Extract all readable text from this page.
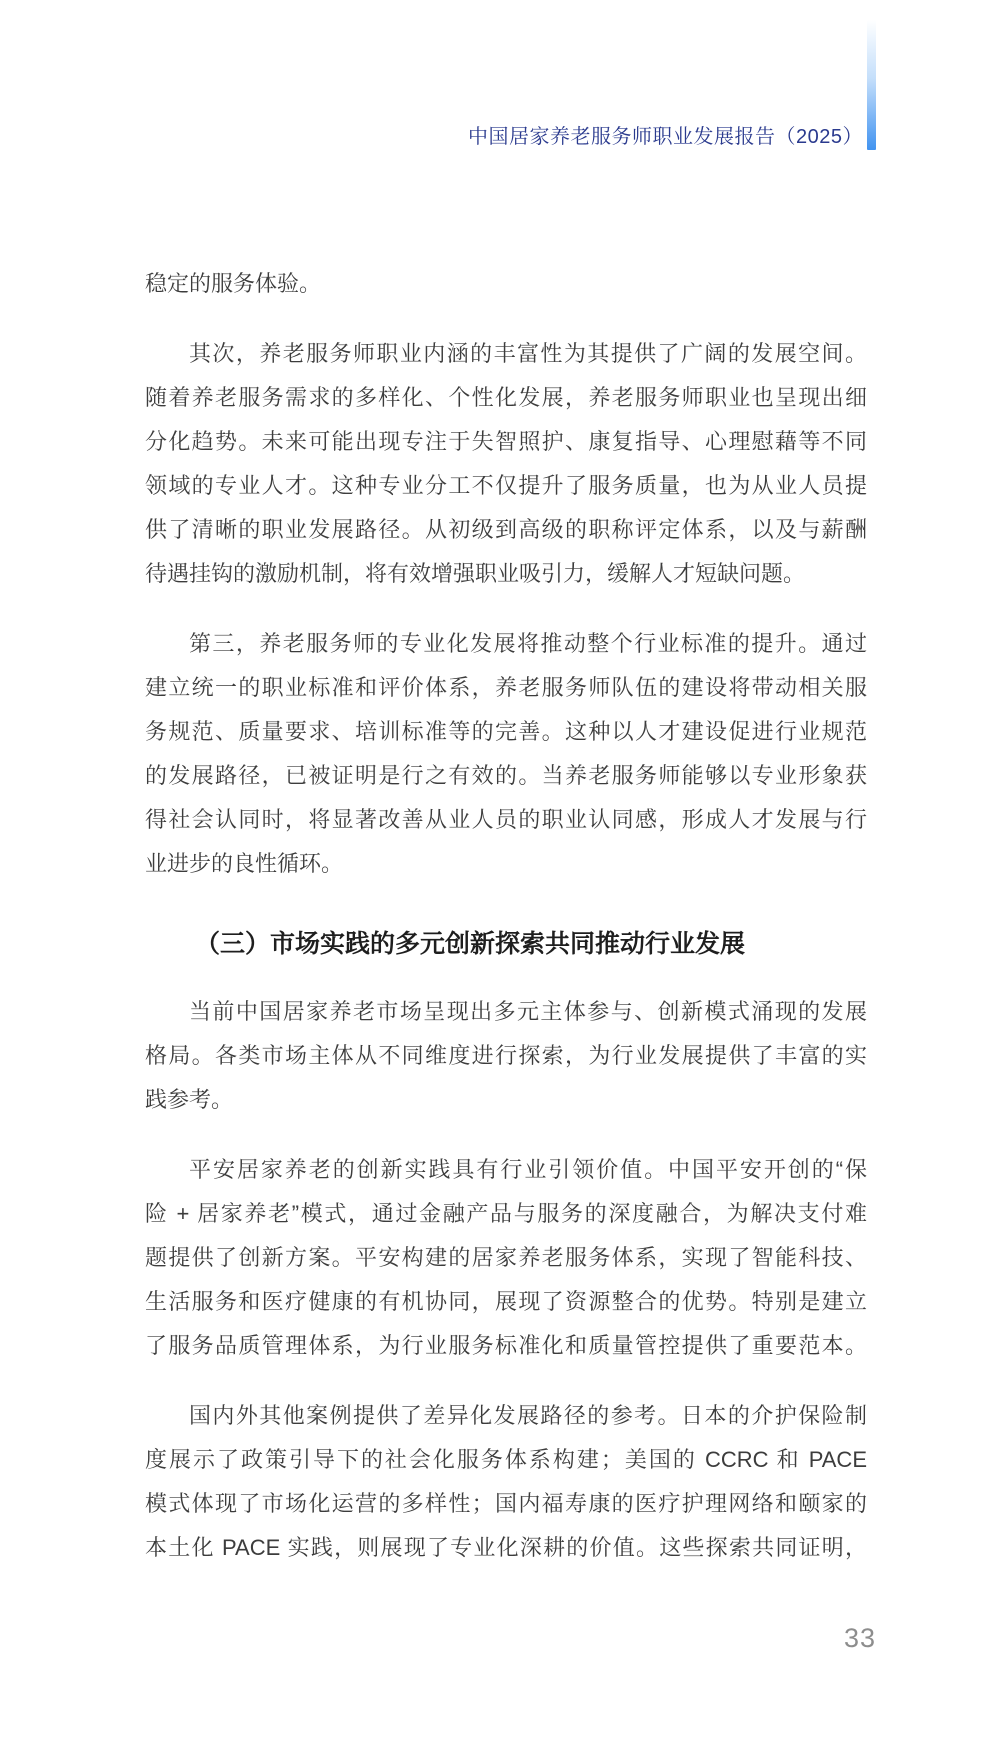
中国居家养老服务师职业发展报告（2025）
稳定的服务体验。
其次，养老服务师职业内涵的丰富性为其提供了广阔的发展空间。
随着养老服务需求的多样化、个性化发展，养老服务师职业也呈现出细
分化趋势。未来可能出现专注于失智照护、康复指导、心理慰藉等不同
领域的专业人才。这种专业分工不仅提升了服务质量，也为从业人员提
供了清晰的职业发展路径。从初级到高级的职称评定体系，以及与薪酬
待遇挂钩的激励机制，将有效增强职业吸引力，缓解人才短缺问题。
第三，养老服务师的专业化发展将推动整个行业标准的提升。通过
建立统一的职业标准和评价体系，养老服务师队伍的建设将带动相关服
务规范、质量要求、培训标准等的完善。这种以人才建设促进行业规范
的发展路径，已被证明是行之有效的。当养老服务师能够以专业形象获
得社会认同时，将显著改善从业人员的职业认同感，形成人才发展与行
业进步的良性循环。
（三）市场实践的多元创新探索共同推动行业发展
当前中国居家养老市场呈现出多元主体参与、创新模式涌现的发展
格局。各类市场主体从不同维度进行探索，为行业发展提供了丰富的实
践参考。
平安居家养老的创新实践具有行业引领价值。中国平安开创的“保
险 + 居家养老”模式，通过金融产品与服务的深度融合，为解决支付难
题提供了创新方案。平安构建的居家养老服务体系，实现了智能科技、
生活服务和医疗健康的有机协同，展现了资源整合的优势。特别是建立
了服务品质管理体系，为行业服务标准化和质量管控提供了重要范本。
国内外其他案例提供了差异化发展路径的参考。日本的介护保险制
度展示了政策引导下的社会化服务体系构建；美国的 CCRC 和 PACE
模式体现了市场化运营的多样性；国内福寿康的医疗护理网络和颐家的
本土化 PACE 实践，则展现了专业化深耕的价值。这些探索共同证明，
33
